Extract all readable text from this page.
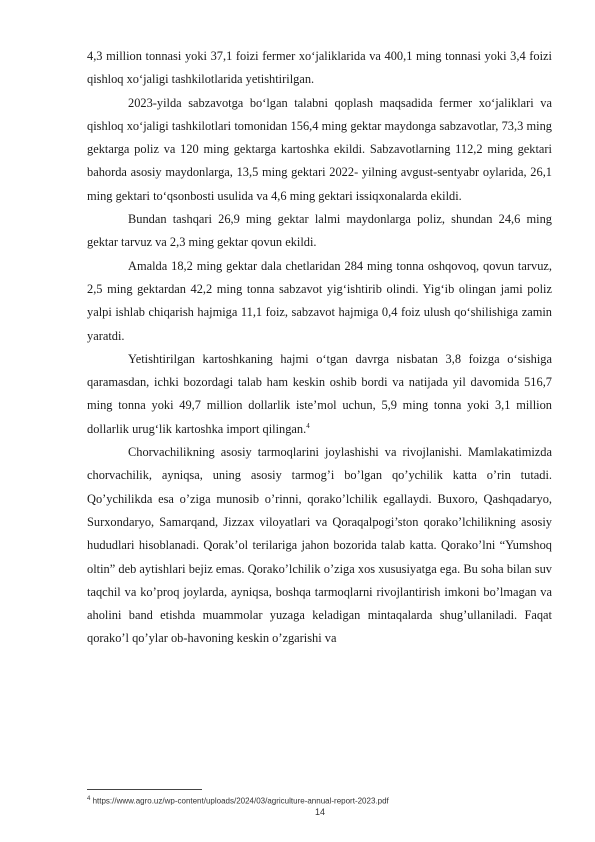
4,3 million tonnasi yoki 37,1 foizi fermer xo‘jaliklarida va 400,1 ming tonnasi yoki 3,4 foizi qishloq xo‘jaligi tashkilotlarida yetishtirilgan.

2023-yilda sabzavotga bo‘lgan talabni qoplash maqsadida fermer xo‘jaliklari va qishloq xo‘jaligi tashkilotlari tomonidan 156,4 ming gektar maydonga sabzavotlar, 73,3 ming gektarga poliz va 120 ming gektarga kartoshka ekildi. Sabzavotlarning 112,2 ming gektari bahorda asosiy maydonlarga, 13,5 ming gektari 2022- yilning avgust-sentyabr oylarida, 26,1 ming gektari to‘qsonbosti usulida va 4,6 ming gektari issiqxonalarda ekildi.

Bundan tashqari 26,9 ming gektar lalmi maydonlarga poliz, shundan 24,6 ming gektar tarvuz va 2,3 ming gektar qovun ekildi.

Amalda 18,2 ming gektar dala chetlaridan 284 ming tonna oshqovoq, qovun tarvuz, 2,5 ming gektardan 42,2 ming tonna sabzavot yig‘ishtirib olindi. Yig‘ib olingan jami poliz yalpi ishlab chiqarish hajmiga 11,1 foiz, sabzavot hajmiga 0,4 foiz ulush qo‘shilishiga zamin yaratdi.

Yetishtirilgan kartoshkaning hajmi o‘tgan davrga nisbatan 3,8 foizga o‘sishiga qaramasdan, ichki bozordagi talab ham keskin oshib bordi va natijada yil davomida 516,7 ming tonna yoki 49,7 million dollarlik iste’mol uchun, 5,9 ming tonna yoki 3,1 million dollarlik urug‘lik kartoshka import qilingan.$^4$

Chorvachilikning asosiy tarmoqlarini joylashishi va rivojlanishi. Mamlakatimizda chorvachilik, ayniqsa, uning asosiy tarmog’i bo’lgan qo’ychilik katta o’rin tutadi. Qo’ychilikda esa o’ziga munosib o’rinni, qorako’lchilik egallaydi. Buxoro, Qashqadaryo, Surxondaryo, Samarqand, Jizzax viloyatlari va Qoraqalpogi’ston qorako’lchilikning asosiy hududlari hisoblanadi. Qorak’ol terilariga jahon bozorida talab katta. Qorako’lni “Yumshoq oltin” deb aytishlari bejiz emas. Qorako’lchilik o’ziga xos xususiyatga ega. Bu soha bilan suv taqchil va ko’proq joylarda, ayniqsa, boshqa tarmoqlarni rivojlantirish imkoni bo’lmagan va aholini band etishda muammolar yuzaga keladigan mintaqalarda shug’ullaniladi. Faqat qorako’l qo’ylar ob-havoning keskin o’zgarishi va

$^4$ https://www.agro.uz/wp-content/uploads/2024/03/agriculture-annual-report-2023.pdf
14
